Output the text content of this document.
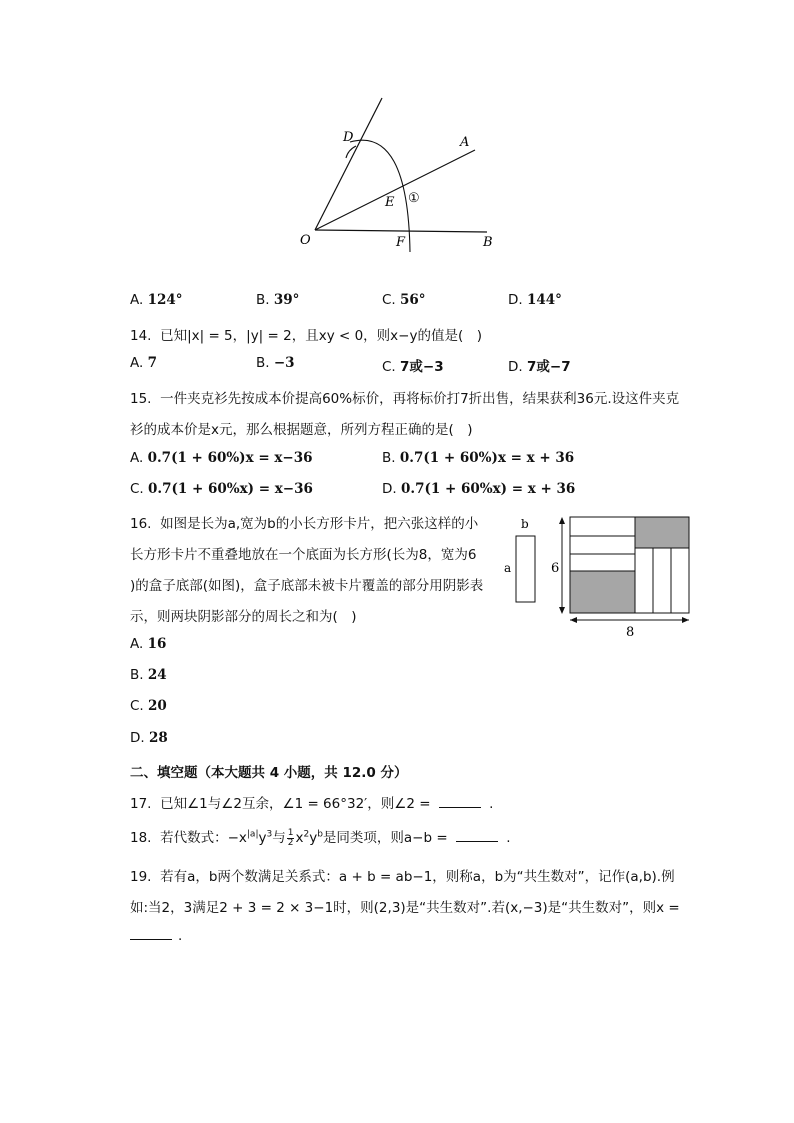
D	A
E ①
O	F	B
A. 124°	B. 39°	C. 56°	D. 144°
14. 已知|x| = 5，|y| = 2，且xy < 0，则x−y的值是(　)
A. 7	B. −3	C. 7或−3	D. 7或−7
15. 一件夹克衫先按成本价提高60%标价，再将标价打7折出售，结果获利36元.设这件夹克
衫的成本价是x元，那么根据题意，所列方程正确的是(　)
A. 0.7(1 + 60%)x = x−36	B. 0.7(1 + 60%)x = x + 36
C. 0.7(1 + 60%x) = x−36	D. 0.7(1 + 60%x) = x + 36
16. 如图是长为a,宽为b的小长方形卡片，把六张这样的小
长方形卡片不重叠地放在一个底面为长方形(长为8，宽为6
)的盒子底部(如图)，盒子底部未被卡片覆盖的部分用阴影表
示，则两块阴影部分的周长之和为(　)
b
a	6
8
A. 16
B. 24
C. 20
D. 28
二、填空题（本大题共 4 小题，共 12.0 分）
17. 已知∠1与∠2互余，∠1 = 66°32′，则∠2 =	.
18. 若代数式：$-x^{|a|}y^3$与 $\frac{1}{2} x^2y^b$是同类项，则a−b =	.
19. 若有a，b两个数满足关系式：a + b = ab−1，则称a，b为“共生数对”，记作(a,b).例
如:当2，3满足2 + 3 = 2 × 3−1时，则(2,3)是“共生数对”.若(x,−3)是“共生数对”，则x =
.
